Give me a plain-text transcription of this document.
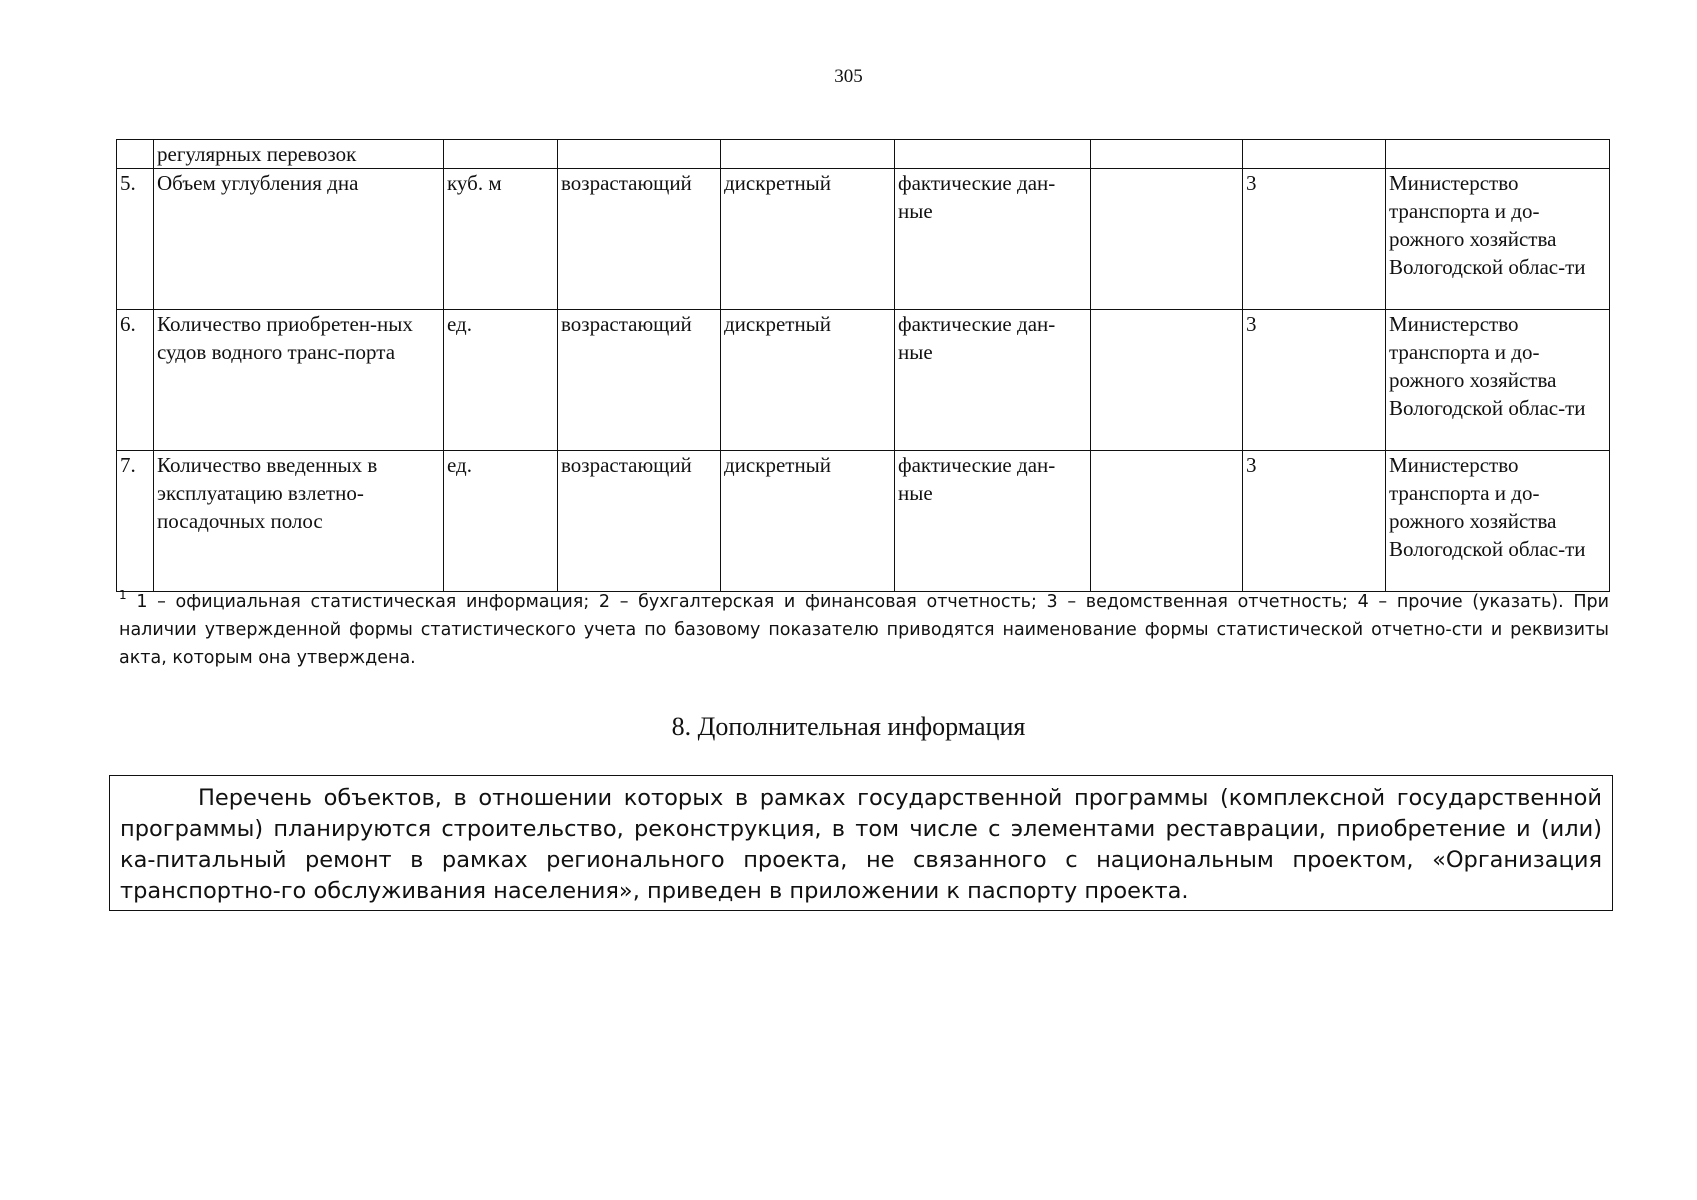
305
	регулярных перевозок							
5.	Объем углубления дна	куб. м	возрастающий	дискретный	фактические дан-ные		3	Министерство транспорта и до-рожного хозяйства Вологодской облас-ти
6.	Количество приобретен-ных судов водного транс-порта	ед.	возрастающий	дискретный	фактические дан-ные		3	Министерство транспорта и до-рожного хозяйства Вологодской облас-ти
7.	Количество введенных в эксплуатацию взлетно-посадочных полос	ед.	возрастающий	дискретный	фактические дан-ные		3	Министерство транспорта и до-рожного хозяйства Вологодской облас-ти
$^1$ 1 – официальная статистическая информация; 2 – бухгалтерская и финансовая отчетность; 3 – ведомственная отчетность; 4 – прочие (указать). При наличии утвержденной формы статистического учета по базовому показателю приводятся наименование формы статистической отчетно-сти и реквизиты акта, которым она утверждена.
8. Дополнительная информация
Перечень объектов, в отношении которых в рамках государственной программы (комплексной государственной программы) планируются строительство, реконструкция, в том числе с элементами реставрации, приобретение и (или) ка-питальный ремонт в рамках регионального проекта, не связанного с национальным проектом, «Организация транспортно-го обслуживания населения», приведен в приложении к паспорту проекта.
